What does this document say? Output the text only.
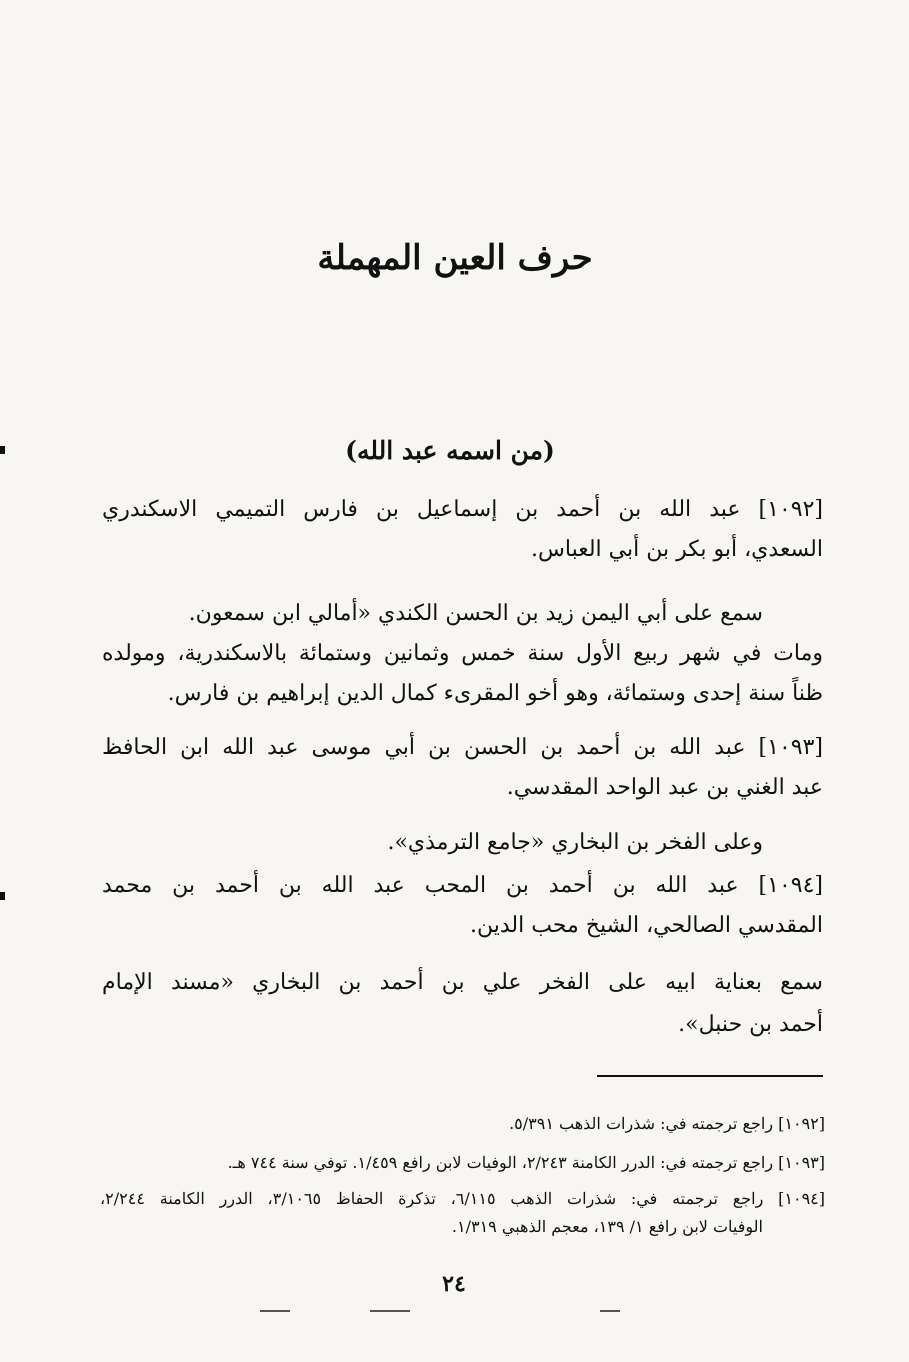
حرف العين المهملة
(من اسمه عبد الله)
[١٠٩٢] عبد الله بن أحمد بن إسماعيل بن فارس التميمي الاسكندري
السعدي، أبو بكر بن أبي العباس.
سمع على أبي اليمن زيد بن الحسن الكندي «أمالي ابن سمعون.
ومات في شهر ربيع الأول سنة خمس وثمانين وستمائة بالاسكندرية، ومولده
ظناً سنة إحدى وستمائة، وهو أخو المقرىء كمال الدين إبراهيم بن فارس.
[١٠٩٣] عبد الله بن أحمد بن الحسن بن أبي موسى عبد الله ابن الحافظ
عبد الغني بن عبد الواحد المقدسي.
وعلى الفخر بن البخاري «جامع الترمذي».
[١٠٩٤] عبد الله بن أحمد بن المحب عبد الله بن أحمد بن محمد
المقدسي الصالحي، الشيخ محب الدين.
سمع بعناية ابيه على الفخر علي بن أحمد بن البخاري «مسند الإمام
أحمد بن حنبل».
[١٠٩٢] راجع ترجمته في: شذرات الذهب ٥/٣٩١.
[١٠٩٣] راجع ترجمته في: الدرر الكامنة ٢/٢٤٣، الوفيات لابن رافع ١/٤٥٩. توفي سنة ٧٤٤ هـ.
[١٠٩٤] راجع ترجمته في: شذرات الذهب ٦/١١٥، تذكرة الحفاظ ٣/١٠٦٥، الدرر الكامنة ٢/٢٤٤،
الوفيات لابن رافع ١/ ١٣٩، معجم الذهبي ١/٣١٩.
٢٤
